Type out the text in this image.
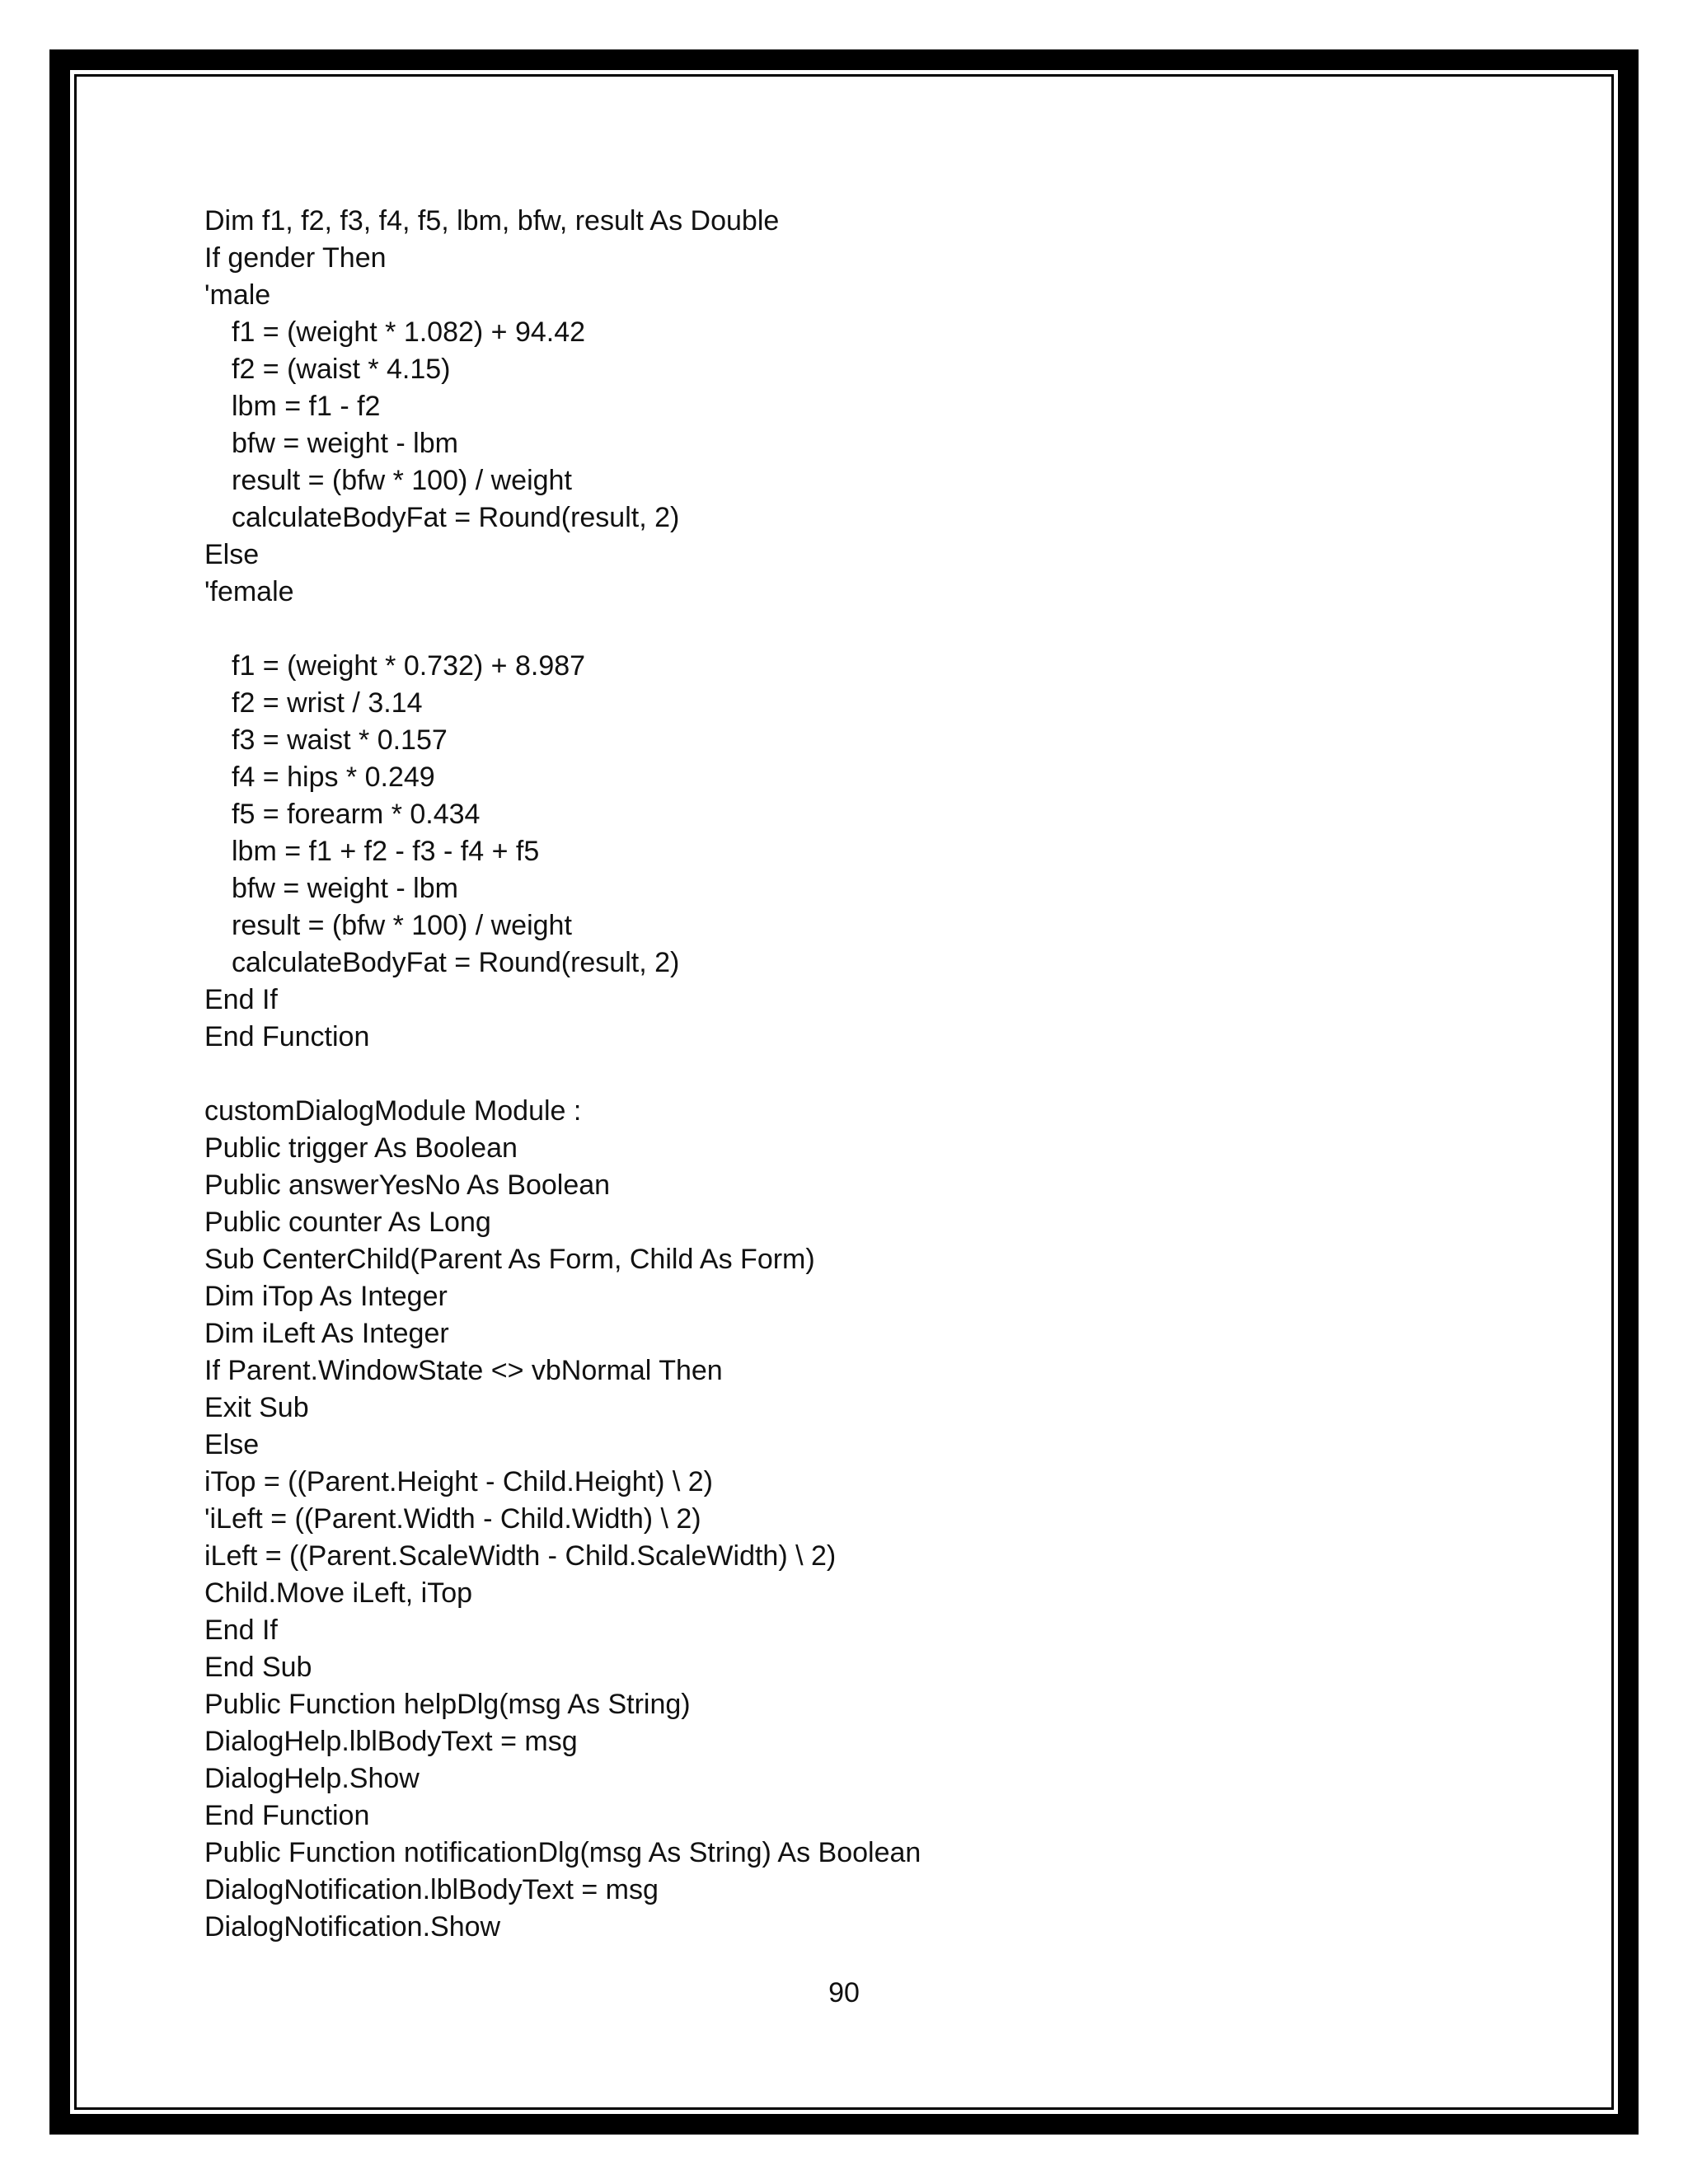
Dim f1, f2, f3, f4, f5, lbm, bfw, result As Double
If gender Then
'male
f1 = (weight * 1.082) + 94.42
f2 = (waist * 4.15)
lbm = f1 - f2
bfw = weight - lbm
result = (bfw * 100) / weight
calculateBodyFat = Round(result, 2)
Else
'female
f1 = (weight * 0.732) + 8.987
f2 = wrist / 3.14
f3 = waist * 0.157
f4 = hips * 0.249
f5 = forearm * 0.434
lbm = f1 + f2 - f3 - f4 + f5
bfw = weight - lbm
result = (bfw * 100) / weight
calculateBodyFat = Round(result, 2)
End If
End Function
customDialogModule Module :
Public trigger As Boolean
Public answerYesNo As Boolean
Public counter As Long
Sub CenterChild(Parent As Form, Child As Form)
Dim iTop As Integer
Dim iLeft As Integer
If Parent.WindowState <> vbNormal Then
Exit Sub
Else
iTop = ((Parent.Height - Child.Height) \ 2)
'iLeft = ((Parent.Width - Child.Width) \ 2)
iLeft = ((Parent.ScaleWidth - Child.ScaleWidth) \ 2)
Child.Move iLeft, iTop
End If
End Sub
Public Function helpDlg(msg As String)
DialogHelp.lblBodyText = msg
DialogHelp.Show
End Function
Public Function notificationDlg(msg As String) As Boolean
DialogNotification.lblBodyText = msg
DialogNotification.Show
90
